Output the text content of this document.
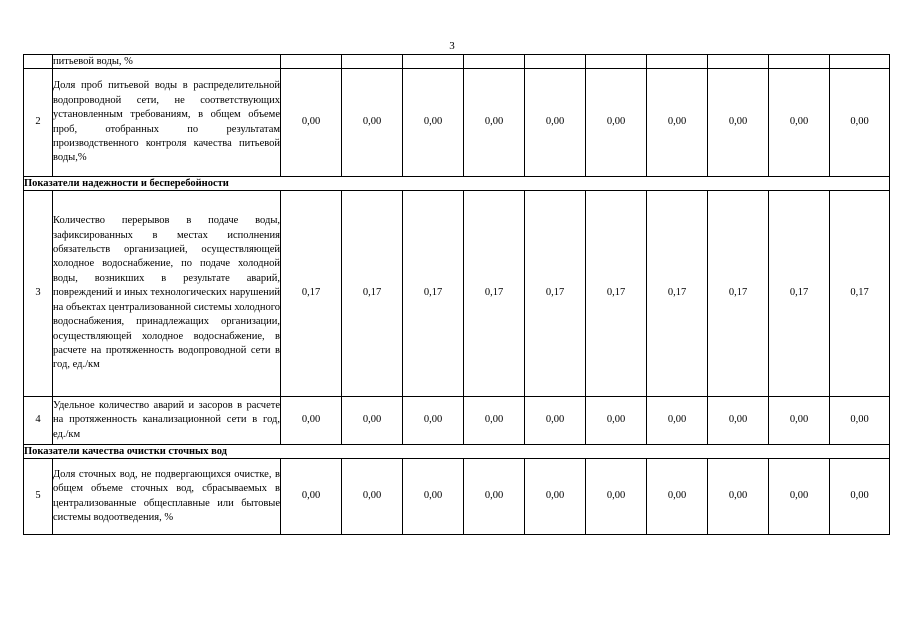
3
	питьевой воды, %										
2	Доля проб питьевой воды в распределительной водопроводной сети, не соответствующих установленным требованиям, в общем объеме проб, отобранных по результатам производственного контроля качества питьевой воды,%	0,00	0,00	0,00	0,00	0,00	0,00	0,00	0,00	0,00	0,00
Показатели надежности и бесперебойности											
3	Количество перерывов в подаче воды, зафиксированных в местах исполнения обязательств организацией, осуществляющей холодное водоснабжение, по подаче холодной воды, возникших в результате аварий, повреждений и иных технологических нарушений на объектах централизованной системы холодного водоснабжения, принадлежащих организации, осуществляющей холодное водоснабжение, в расчете на протяженность водопроводной сети в год, ед./км	0,17	0,17	0,17	0,17	0,17	0,17	0,17	0,17	0,17	0,17
4	Удельное количество аварий и засоров в расчете на протяженность канализационной сети в год, ед./км	0,00	0,00	0,00	0,00	0,00	0,00	0,00	0,00	0,00	0,00
Показатели качества очистки сточных вод											
5	Доля сточных вод, не подвергающихся очистке, в общем объеме сточных вод, сбрасываемых в централизованные общесплавные или бытовые системы водоотведения, %	0,00	0,00	0,00	0,00	0,00	0,00	0,00	0,00	0,00	0,00
